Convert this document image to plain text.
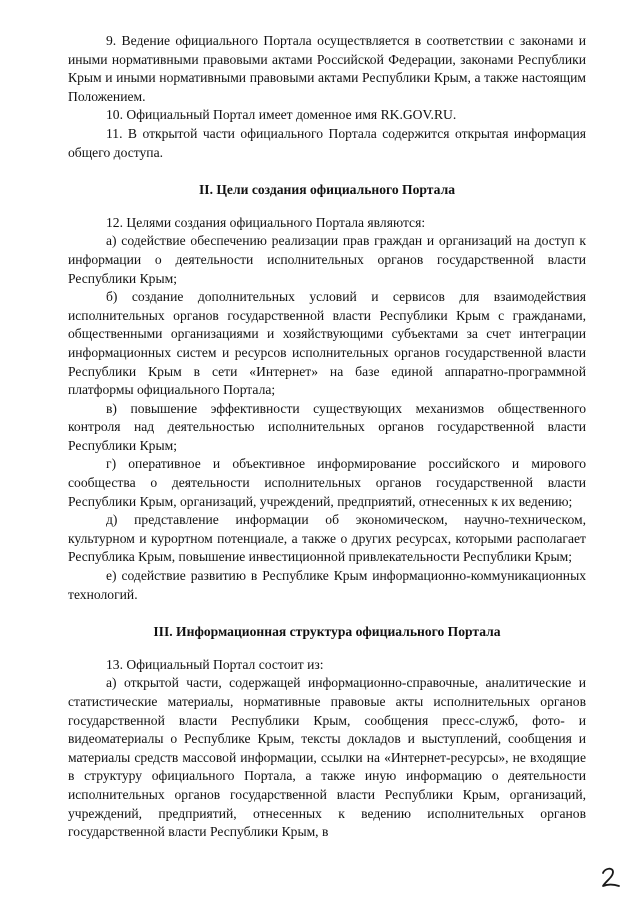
9. Ведение официального Портала осуществляется в соответствии с законами и иными нормативными правовыми актами Российской Федерации, законами Республики Крым и иными нормативными правовыми актами Республики Крым, а также настоящим Положением.

10. Официальный Портал имеет доменное имя RK.GOV.RU.

11. В открытой части официального Портала содержится открытая информация общего доступа.

II. Цели создания официального Портала

12. Целями создания официального Портала являются:

а) содействие обеспечению реализации прав граждан и организаций на доступ к информации о деятельности исполнительных органов государственной власти Республики Крым;

б) создание дополнительных условий и сервисов для взаимодействия исполнительных органов государственной власти Республики Крым с гражданами, общественными организациями и хозяйствующими субъектами за счет интеграции информационных систем и ресурсов исполнительных органов государственной власти Республики Крым в сети «Интернет» на базе единой аппаратно-программной платформы официального Портала;

в) повышение эффективности существующих механизмов общественного контроля над деятельностью исполнительных органов государственной власти Республики Крым;

г) оперативное и объективное информирование российского и мирового сообщества о деятельности исполнительных органов государственной власти Республики Крым, организаций, учреждений, предприятий, отнесенных к их ведению;

д) представление информации об экономическом, научно-техническом, культурном и курортном потенциале, а также о других ресурсах, которыми располагает Республика Крым, повышение инвестиционной привлекательности Республики Крым;

е) содействие развитию в Республике Крым информационно-коммуникационных технологий.

III. Информационная структура официального Портала

13. Официальный Портал состоит из:

а) открытой части, содержащей информационно-справочные, аналитические и статистические материалы, нормативные правовые акты исполнительных органов государственной власти Республики Крым, сообщения пресс-служб, фото- и видеоматериалы о Республике Крым, тексты докладов и выступлений, сообщения и материалы средств массовой информации, ссылки на «Интернет-ресурсы», не входящие в структуру официального Портала, а также иную информацию о деятельности исполнительных органов государственной власти Республики Крым, организаций, учреждений, предприятий, отнесенных к ведению исполнительных органов государственной власти Республики Крым, в
